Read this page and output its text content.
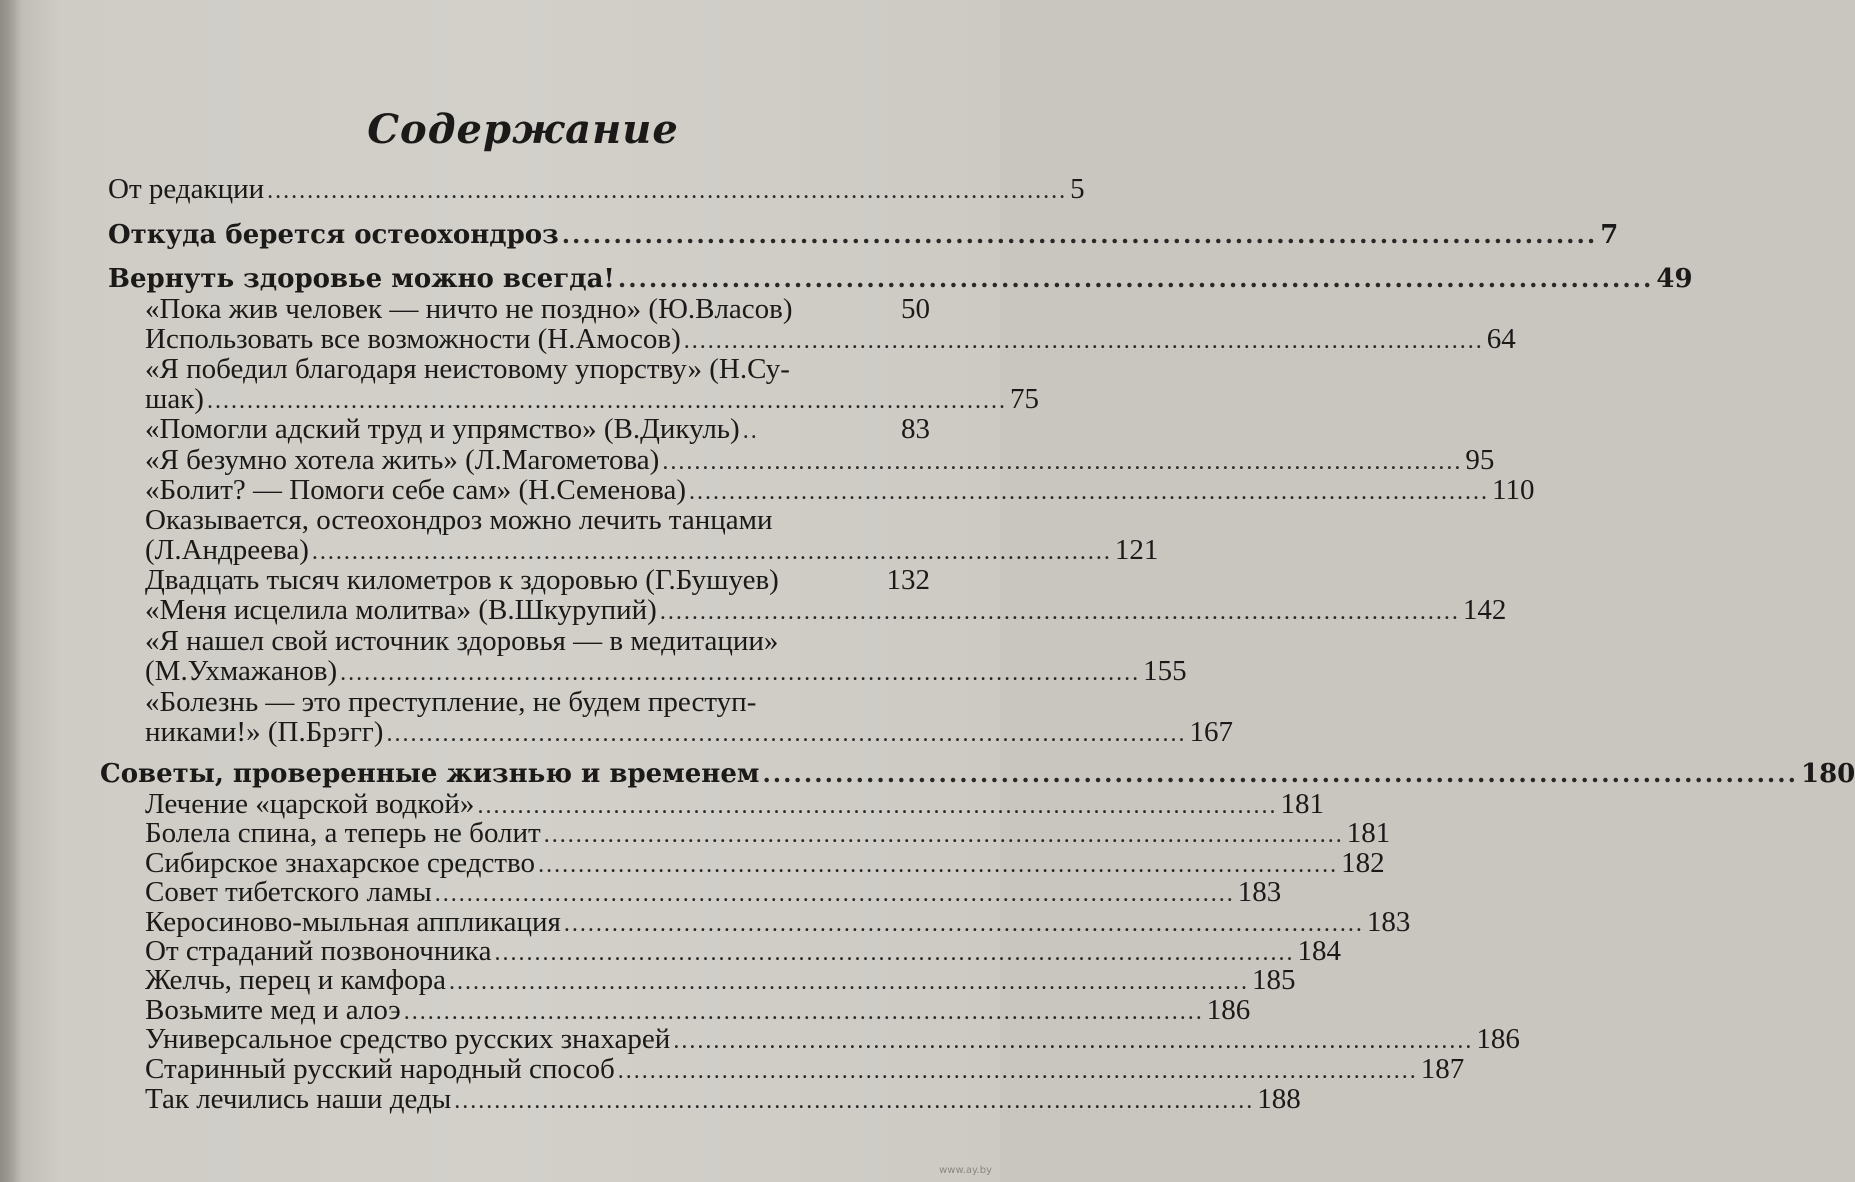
Содержание
От редакции .................................................................................................... 5
Откуда берется остеохондроз .................................................................................................... 7
Вернуть здоровье можно всегда! .................................................................................................... 49
«Пока жив человек — ничто не поздно» (Ю.Власов)	50
Использовать все возможности (Н.Амосов) .................................................................................................... 64
«Я победил благодаря неистовому упорству» (Н.Су-
шак) .................................................................................................... 75
«Помогли адский труд и упрямство» (В.Дикуль) ..	83
«Я безумно хотела жить» (Л.Магометова) .................................................................................................... 95
«Болит? — Помоги себе сам» (Н.Семенова) .................................................................................................... 110
Оказывается, остеохондроз можно лечить танцами
(Л.Андреева) .................................................................................................... 121
Двадцать тысяч километров к здоровью (Г.Бушуев)	132
«Меня исцелила молитва» (В.Шкурупий) .................................................................................................... 142
«Я нашел свой источник здоровья — в медитации»
(М.Ухмажанов) .................................................................................................... 155
«Болезнь — это преступление, не будем преступ-
никами!» (П.Брэгг) .................................................................................................... 167
Советы, проверенные жизнью и временем .................................................................................................... 180
Лечение «царской водкой» .................................................................................................... 181
Болела спина, а теперь не болит .................................................................................................... 181
Сибирское знахарское средство .................................................................................................... 182
Совет тибетского ламы .................................................................................................... 183
Керосиново-мыльная аппликация .................................................................................................... 183
От страданий позвоночника .................................................................................................... 184
Желчь, перец и камфора .................................................................................................... 185
Возьмите мед и алоэ .................................................................................................... 186
Универсальное средство русских знахарей .................................................................................................... 186
Старинный русский народный способ .................................................................................................... 187
Так лечились наши деды .................................................................................................... 188
www.ay.by
